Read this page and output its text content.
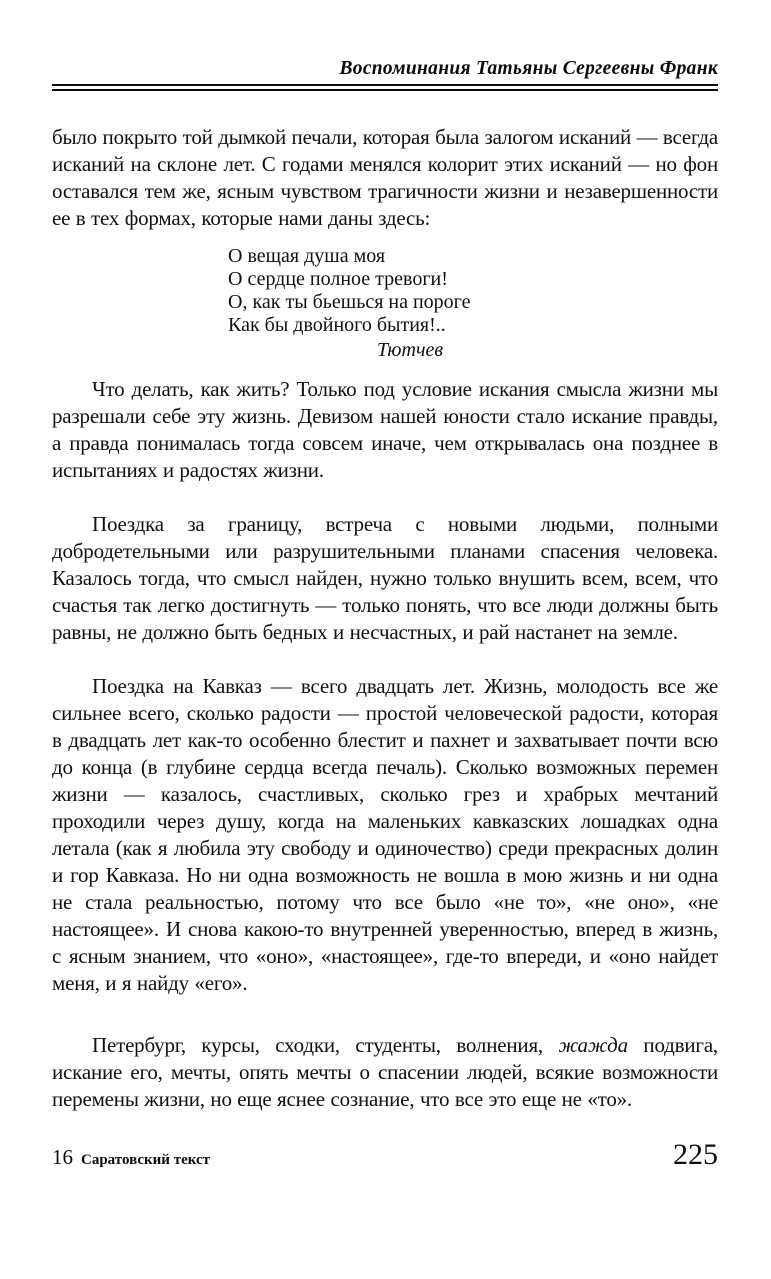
Воспоминания Татьяны Сергеевны Франк

было покрыто той дымкой печали, которая была залогом исканий — всегда исканий на склоне лет. С годами менялся колорит этих исканий — но фон оставался тем же, ясным чувством трагичности жизни и незавершенности ее в тех формах, которые нами даны здесь:

О вещая душа моя
О сердце полное тревоги!
О, как ты бьешься на пороге
Как бы двойного бытия!..
Тютчев

Что делать, как жить? Только под условие искания смысла жизни мы разрешали себе эту жизнь. Девизом нашей юности стало искание правды, а правда понималась тогда совсем иначе, чем открывалась она позднее в испытаниях и радостях жизни.

Поездка за границу, встреча с новыми людьми, полными добродетельными или разрушительными планами спасения человека. Казалось тогда, что смысл найден, нужно только внушить всем, всем, что счастья так легко достигнуть — только понять, что все люди должны быть равны, не должно быть бедных и несчастных, и рай настанет на земле.

Поездка на Кавказ — всего двадцать лет. Жизнь, молодость все же сильнее всего, сколько радости — простой человеческой радости, которая в двадцать лет как-то особенно блестит и пахнет и захватывает почти всю до конца (в глубине сердца всегда печаль). Сколько возможных перемен жизни — казалось, счастливых, сколько грез и храбрых мечтаний проходили через душу, когда на маленьких кавказских лошадках одна летала (как я любила эту свободу и одиночество) среди прекрасных долин и гор Кавказа. Но ни одна возможность не вошла в мою жизнь и ни одна не стала реальностью, потому что все было «не то», «не оно», «не настоящее». И снова какою-то внутренней уверенностью, вперед в жизнь, с ясным знанием, что «оно», «настоящее», где-то впереди, и «оно найдет меня, и я найду «его».

Петербург, курсы, сходки, студенты, волнения, жажда подвига, искание его, мечты, опять мечты о спасении людей, всякие возможности перемены жизни, но еще яснее сознание, что все это еще не «то».

16 Саратовский текст	225
